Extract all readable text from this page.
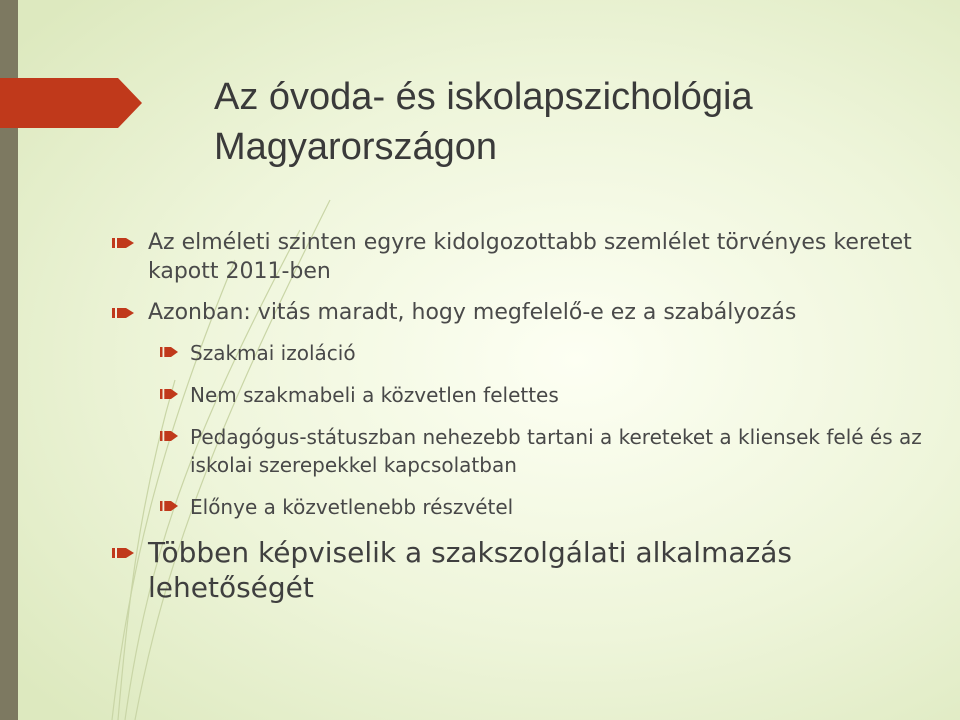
Az óvoda- és iskolapszichológia
Magyarországon
Az elméleti szinten egyre kidolgozottabb szemlélet törvényes keretet kapott 2011-ben
Azonban: vitás maradt, hogy megfelelő-e ez a szabályozás
Szakmai izoláció
Nem szakmabeli a közvetlen felettes
Pedagógus-státuszban nehezebb tartani a kereteket a kliensek felé és az iskolai szerepekkel kapcsolatban
Előnye a közvetlenebb részvétel
Többen képviselik a szakszolgálati alkalmazás lehetőségét
